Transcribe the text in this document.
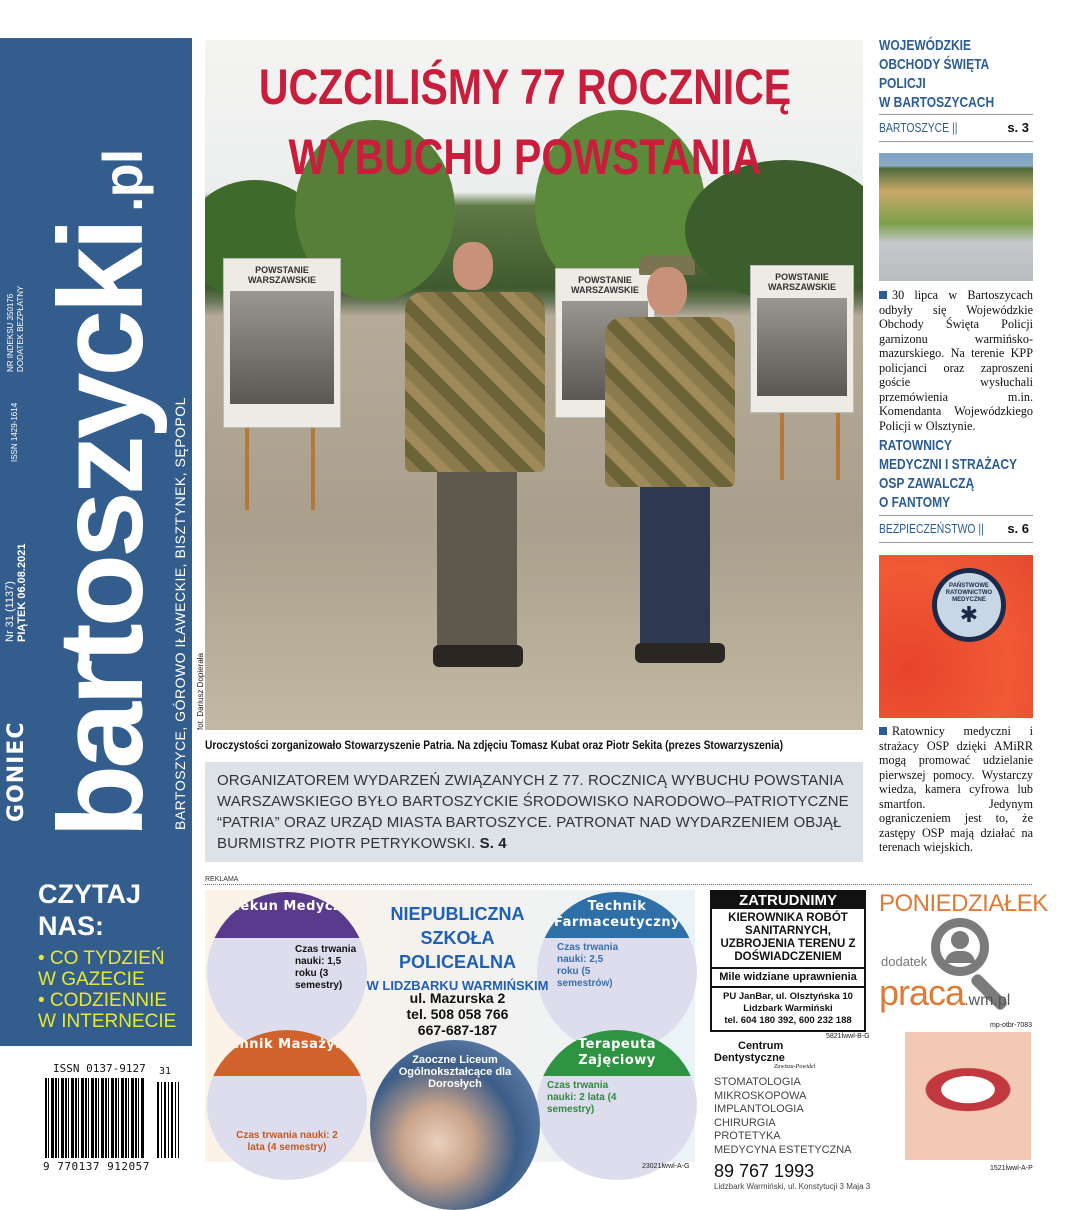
GONIEC
Nr 31 (1137) PIĄTEK 06.08.2021
ISSN 1429-1614
NR INDEKSU 350176 DODATEK BEZPŁATNY bartoszycki
.pl
BARTOSZYCE, GÓROWO IŁAWECKIE, BISZTYNEK, SĘPOPOL
CZYTAJ
NAS:
• CO TYDZIEŃ
W GAZECIE
• CODZIENNIE
W INTERNECIE
ISSN 0137-9127	31
9 770137 912057
POWSTANIE WARSZAWSKIE	POWSTANIE WARSZAWSKIE
POWSTANIE WARSZAWSKIE
UCZCILIŚMY 77 ROCZNICĘ
WYBUCHU POWSTANIA
fot. Dariusz Dopierała
Uroczystości zorganizowało Stowarzyszenie Patria. Na zdjęciu Tomasz Kubat oraz Piotr Sekita (prezes Stowarzyszenia)
ORGANIZATOREM WYDARZEŃ ZWIĄZANYCH Z 77. ROCZNICĄ WYBUCHU POWSTANIA WARSZAWSKIEGO BYŁO BARTOSZYCKIE ŚRODOWISKO NARODOWO–PATRIOTYCZNE “PATRIA” ORAZ URZĄD MIASTA BARTOSZYCE. PATRONAT NAD WYDARZENIEM OBJĄŁ BURMISTRZ PIOTR PETRYKOWSKI. S. 4
WOJEWÓDZKIE
OBCHODY ŚWIĘTA
POLICJI
W BARTOSZYCACH
BARTOSZYCE ||	s. 3
30 lipca w Bartoszycach odbyły się Wojewódzkie Obchody Święta Policji garnizonu warmińsko-mazurskiego. Na terenie KPP policjanci oraz zaproszeni goście wysłuchali przemówienia m.in. Komendanta Wojewódzkiego Policji w Olsztynie.
RATOWNICY
MEDYCZNI I STRAŻACY
OSP ZAWALCZĄ
O FANTOMY
BEZPIECZEŃSTWO || s. 6
PAŃSTWOWE RATOWNICTWO MEDYCZNE
✱
Ratownicy medyczni i strażacy OSP dzięki AMiRR mogą promować udzielanie pierwszej pomocy. Wystarczy wiedza, kamera cyfrowa lub smartfon. Jedynym ograniczeniem jest to, że zastępy OSP mają działać na terenach wiejskich.
REKLAMA
Opiekun Medyczny
Czas trwania nauki: 1,5 roku (3 semestry)
Technik Farmaceutyczny
Czas trwania nauki: 2,5 roku (5 semestrów)
Technik Masażysta
Czas trwania nauki: 2 lata (4 semestry)
Terapeuta Zajęciowy
Czas trwania nauki: 2 lata (4 semestry)
NIEPUBLICZNA
SZKOŁA POLICEALNA
W LIDZBARKU WARMIŃSKIM
ul. Mazurska 2
tel. 508 058 766
667-687-187
Zaoczne Liceum Ogólnokształcące dla Dorosłych
23021lwwl-A-G
ZATRUDNIMY
KIEROWNIKA ROBÓT SANITARNYCH, UZBROJENIA TERENU Z DOŚWIADCZENIEM
Mile widziane uprawnienia
PU JanBar, ul. Olsztyńska 10
Lidzbark Warmiński
tel. 604 180 392, 600 232 188
5821lwwl-B-G
PONIEDZIAŁEK
dodatek
praca.wm.pl
mp-otbr-7083
Centrum
Dentystyczne
Zawisza-Powidel
STOMATOLOGIA MIKROSKOPOWA
IMPLANTOLOGIA
CHIRURGIA
PROTETYKA
MEDYCYNA ESTETYCZNA
89 767 1993
Lidzbark Warmiński, ul. Konstytucji 3 Maja 3
1521lwwl-A-P
